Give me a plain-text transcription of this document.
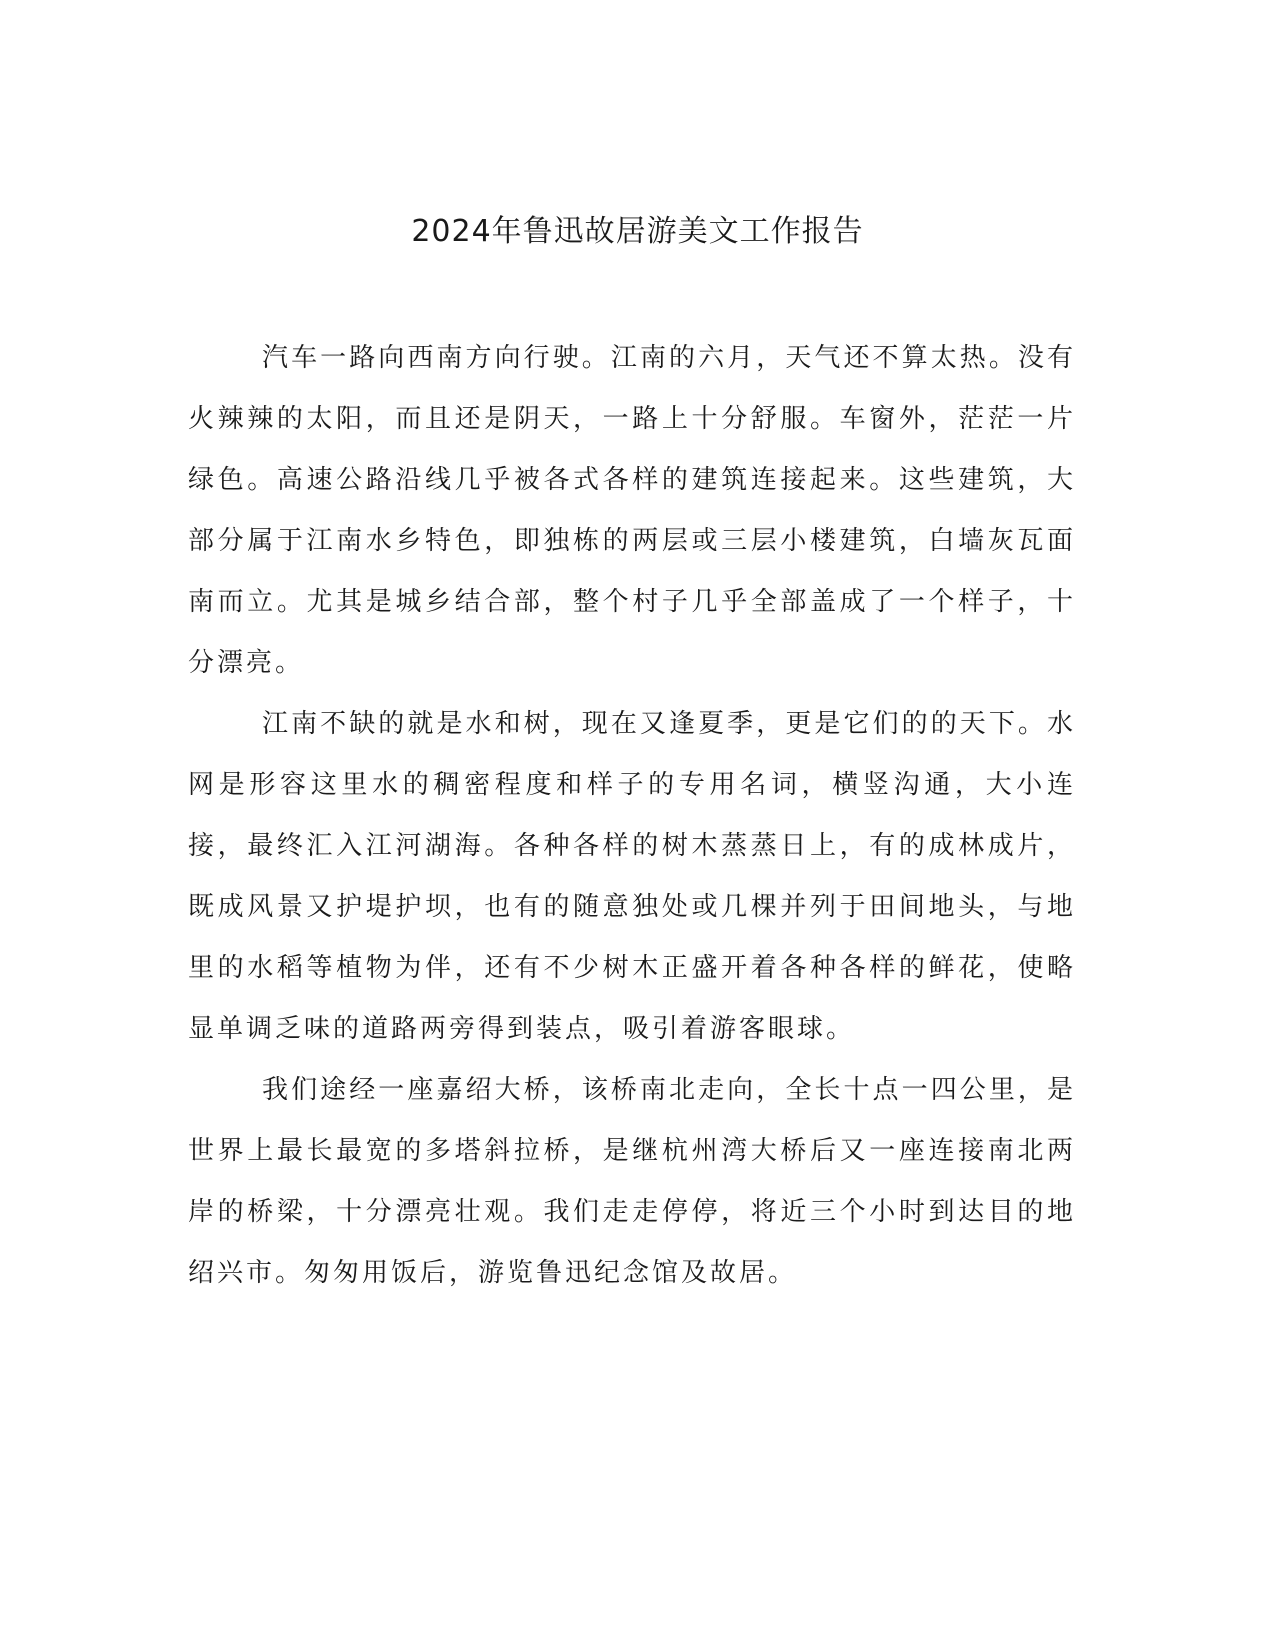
2024年鲁迅故居游美文工作报告

汽车一路向西南方向行驶。江南的六月，天气还不算太热。没有火辣辣的太阳，而且还是阴天，一路上十分舒服。车窗外，茫茫一片绿色。高速公路沿线几乎被各式各样的建筑连接起来。这些建筑，大部分属于江南水乡特色，即独栋的两层或三层小楼建筑，白墙灰瓦面南而立。尤其是城乡结合部，整个村子几乎全部盖成了一个样子，十分漂亮。

江南不缺的就是水和树，现在又逢夏季，更是它们的的天下。水网是形容这里水的稠密程度和样子的专用名词，横竖沟通，大小连接，最终汇入江河湖海。各种各样的树木蒸蒸日上，有的成林成片，既成风景又护堤护坝，也有的随意独处或几棵并列于田间地头，与地里的水稻等植物为伴，还有不少树木正盛开着各种各样的鲜花，使略显单调乏味的道路两旁得到装点，吸引着游客眼球。

我们途经一座嘉绍大桥，该桥南北走向，全长十点一四公里，是世界上最长最宽的多塔斜拉桥，是继杭州湾大桥后又一座连接南北两岸的桥梁，十分漂亮壮观。我们走走停停，将近三个小时到达目的地绍兴市。匆匆用饭后，游览鲁迅纪念馆及故居。
